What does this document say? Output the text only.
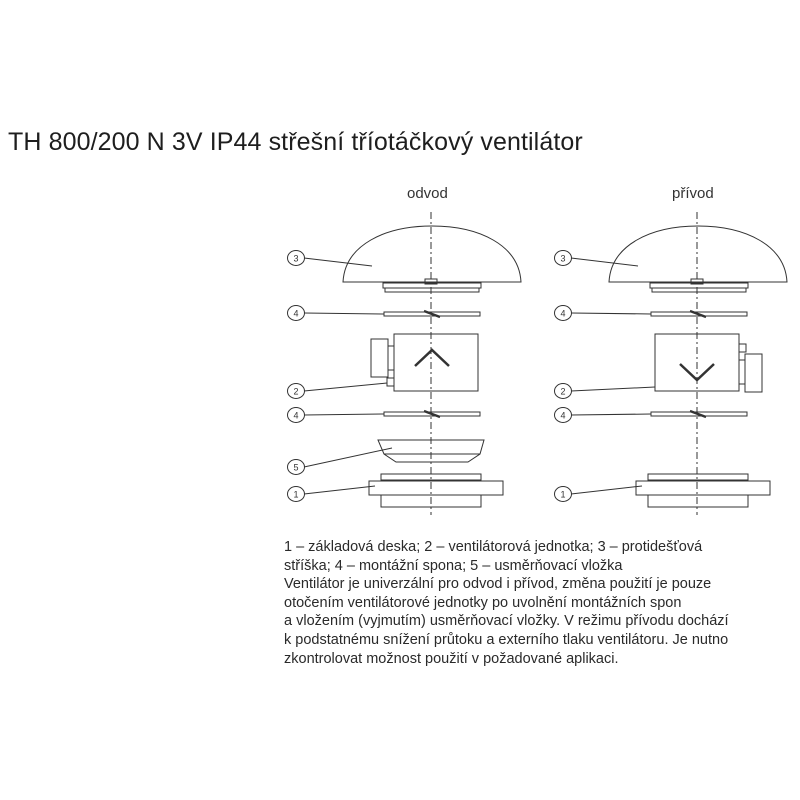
TH 800/200 N 3V IP44 střešní tříotáčkový ventilátor
odvod	přívod
3
4
2
4
5
1
3
4
2
4
1
1 – základová deska; 2 – ventilátorová jednotka; 3 – protidešťová
stříška; 4 – montážní spona; 5 – usměrňovací vložka
Ventilátor je univerzální pro odvod i přívod, změna použití je pouze
otočením ventilátorové jednotky po uvolnění montážních spon
a vložením (vyjmutím) usměrňovací vložky. V režimu přívodu dochází
k podstatnému snížení průtoku a externího tlaku ventilátoru. Je nutno
zkontrolovat možnost použití v požadované aplikaci.
